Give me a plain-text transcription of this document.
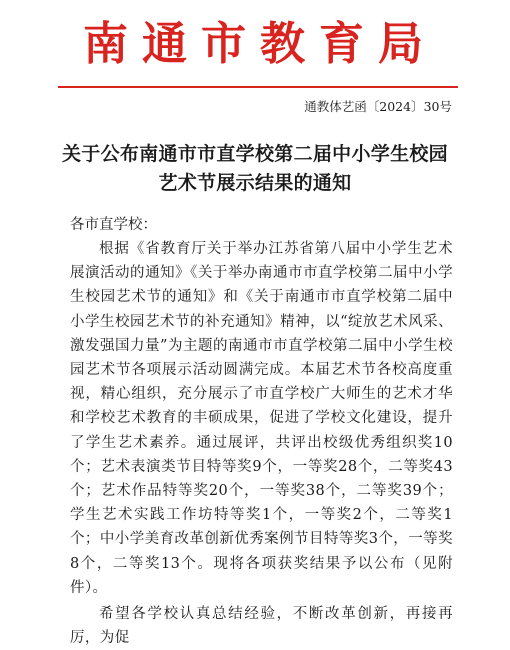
南通市教育局
通教体艺函〔2024〕30号
关于公布南通市市直学校第二届中小学生校园艺术节展示结果的通知
各市直学校：

根据《省教育厅关于举办江苏省第八届中小学生艺术展演活动的通知》《关于举办南通市市直学校第二届中小学生校园艺术节的通知》和《关于南通市市直学校第二届中小学生校园艺术节的补充通知》精神，以“绽放艺术风采、激发强国力量”为主题的南通市市直学校第二届中小学生校园艺术节各项展示活动圆满完成。本届艺术节各校高度重视，精心组织，充分展示了市直学校广大师生的艺术才华和学校艺术教育的丰硕成果，促进了学校文化建设，提升了学生艺术素养。通过展评，共评出校级优秀组织奖10个；艺术表演类节目特等奖9个，一等奖28个，二等奖43个；艺术作品特等奖20个，一等奖38个，二等奖39个；学生艺术实践工作坊特等奖1个，一等奖2个，二等奖1个；中小学美育改革创新优秀案例节目特等奖3个，一等奖8个，二等奖13个。现将各项获奖结果予以公布（见附件）。

希望各学校认真总结经验，不断改革创新，再接再厉，为促
